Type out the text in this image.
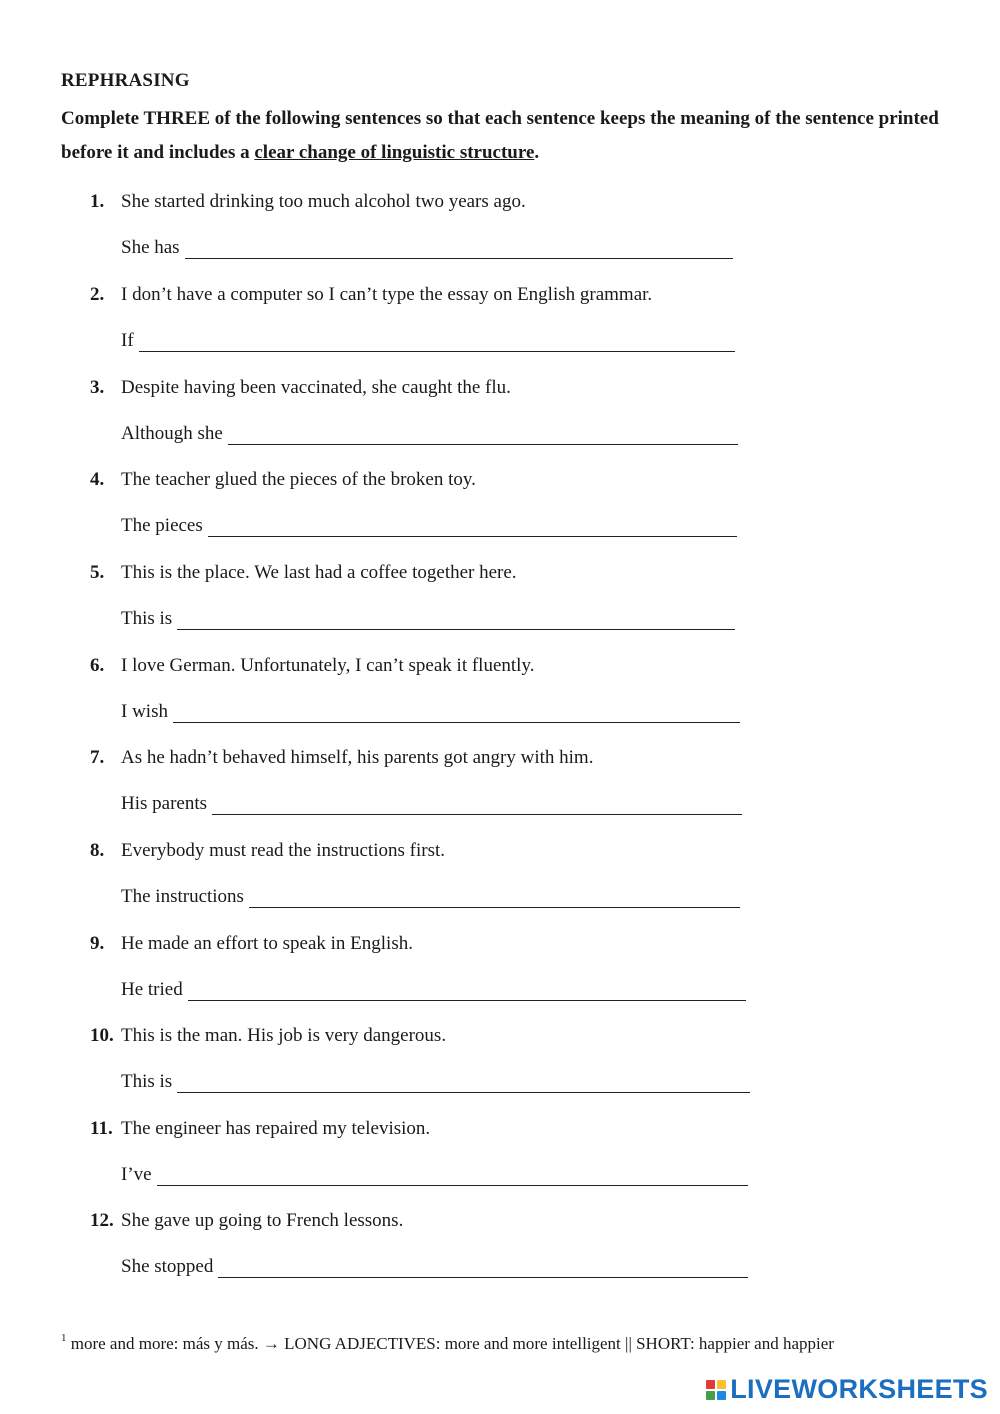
REPHRASING
Complete THREE of the following sentences so that each sentence keeps the meaning of the sentence printed before it and includes a clear change of linguistic structure.
1. She started drinking too much alcohol two years ago.
She has
2. I don’t have a computer so I can’t type the essay on English grammar.
If
3. Despite having been vaccinated, she caught the flu.
Although she
4. The teacher glued the pieces of the broken toy.
The pieces
5. This is the place. We last had a coffee together here.
This is
6. I love German. Unfortunately, I can’t speak it fluently.
I wish
7. As he hadn’t behaved himself, his parents got angry with him.
His parents
8. Everybody must read the instructions first.
The instructions
9. He made an effort to speak in English.
He tried
10. This is the man. His job is very dangerous.
This is
11. The engineer has repaired my television.
I’ve
12. She gave up going to French lessons.
She stopped
$^1$ more and more: más y más. → LONG ADJECTIVES: more and more intelligent || SHORT: happier and happier
LIVEWORKSHEETS
